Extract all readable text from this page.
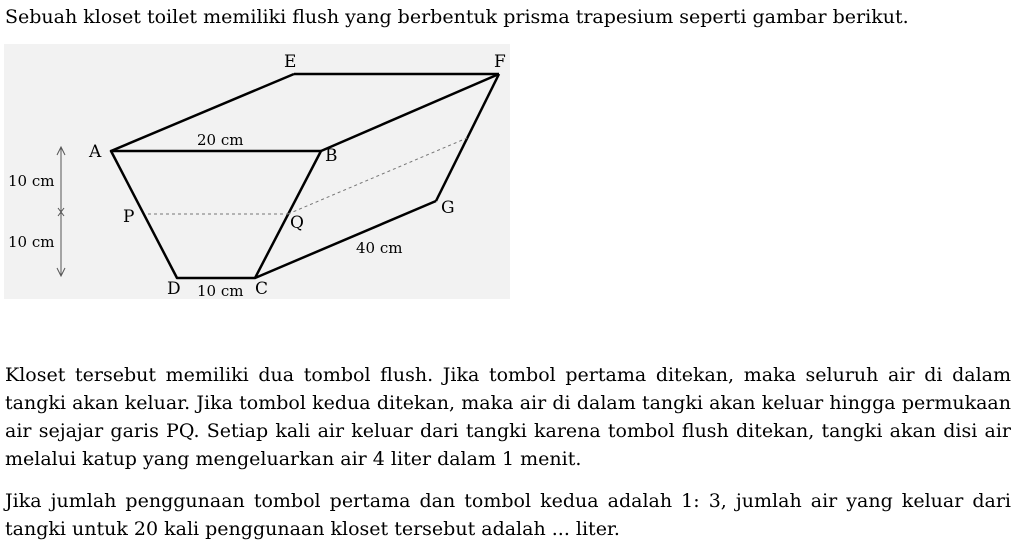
Sebuah kloset toilet memiliki flush yang berbentuk prisma trapesium seperti gambar berikut.
A	B
C
D
E	F
G
P	Q
20 cm
10 cm
40 cm
10 cm
10 cm

Kloset tersebut memiliki dua tombol flush. Jika tombol pertama ditekan, maka seluruh air di dalam tangki akan keluar. Jika tombol kedua ditekan, maka air di dalam tangki akan keluar hingga permukaan air sejajar garis PQ. Setiap kali air keluar dari tangki karena tombol flush ditekan, tangki akan disi air melalui katup yang mengeluarkan air 4 liter dalam 1 menit.

Jika jumlah penggunaan tombol pertama dan tombol kedua adalah 1: 3, jumlah air yang keluar dari tangki untuk 20 kali penggunaan kloset tersebut adalah ... liter.
